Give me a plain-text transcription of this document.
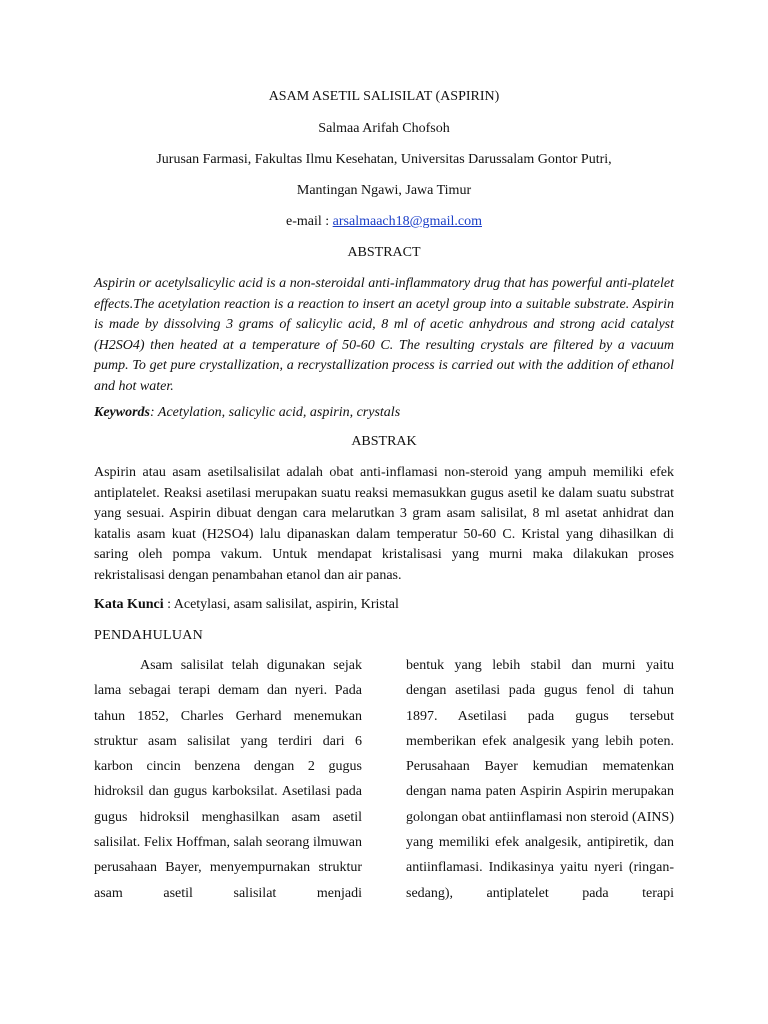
ASAM ASETIL SALISILAT (ASPIRIN)
Salmaa Arifah Chofsoh
Jurusan Farmasi, Fakultas Ilmu Kesehatan, Universitas Darussalam Gontor Putri,
Mantingan Ngawi, Jawa Timur
e-mail : arsalmaach18@gmail.com
ABSTRACT

Aspirin or acetylsalicylic acid is a non-steroidal anti-inflammatory drug that has powerful anti-platelet effects.The acetylation reaction is a reaction to insert an acetyl group into a suitable substrate. Aspirin is made by dissolving 3 grams of salicylic acid, 8 ml of acetic anhydrous and strong acid catalyst (H2SO4) then heated at a temperature of 50-60 C. The resulting crystals are filtered by a vacuum pump. To get pure crystallization, a recrystallization process is carried out with the addition of ethanol and hot water.

Keywords: Acetylation, salicylic acid, aspirin, crystals

ABSTRAK

Aspirin atau asam asetilsalisilat adalah obat anti-inflamasi non-steroid yang ampuh memiliki efek antiplatelet. Reaksi asetilasi merupakan suatu reaksi memasukkan gugus asetil ke dalam suatu substrat yang sesuai. Aspirin dibuat dengan cara melarutkan 3 gram asam salisilat, 8 ml asetat anhidrat dan katalis asam kuat (H2SO4) lalu dipanaskan dalam temperatur 50-60 C. Kristal yang dihasilkan di saring oleh pompa vakum. Untuk mendapat kristalisasi yang murni maka dilakukan proses rekristalisasi dengan penambahan etanol dan air panas.

Kata Kunci : Acetylasi, asam salisilat, aspirin, Kristal

PENDAHULUAN

Asam salisilat telah digunakan sejak lama sebagai terapi demam dan nyeri. Pada tahun 1852, Charles Gerhard menemukan struktur asam salisilat yang terdiri dari 6 karbon cincin benzena dengan 2 gugus hidroksil dan gugus karboksilat. Asetilasi pada gugus hidroksil menghasilkan asam asetil salisilat. Felix Hoffman, salah seorang ilmuwan perusahaan Bayer, menyempurnakan struktur asam asetil salisilat menjadi

bentuk yang lebih stabil dan murni yaitu dengan asetilasi pada gugus fenol di tahun 1897. Asetilasi pada gugus tersebut memberikan efek analgesik yang lebih poten. Perusahaan Bayer kemudian mematenkan dengan nama paten Aspirin Aspirin merupakan golongan obat antiinflamasi non steroid (AINS) yang memiliki efek analgesik, antipiretik, dan antiinflamasi. Indikasinya yaitu nyeri (ringan-sedang), antiplatelet pada terapi
